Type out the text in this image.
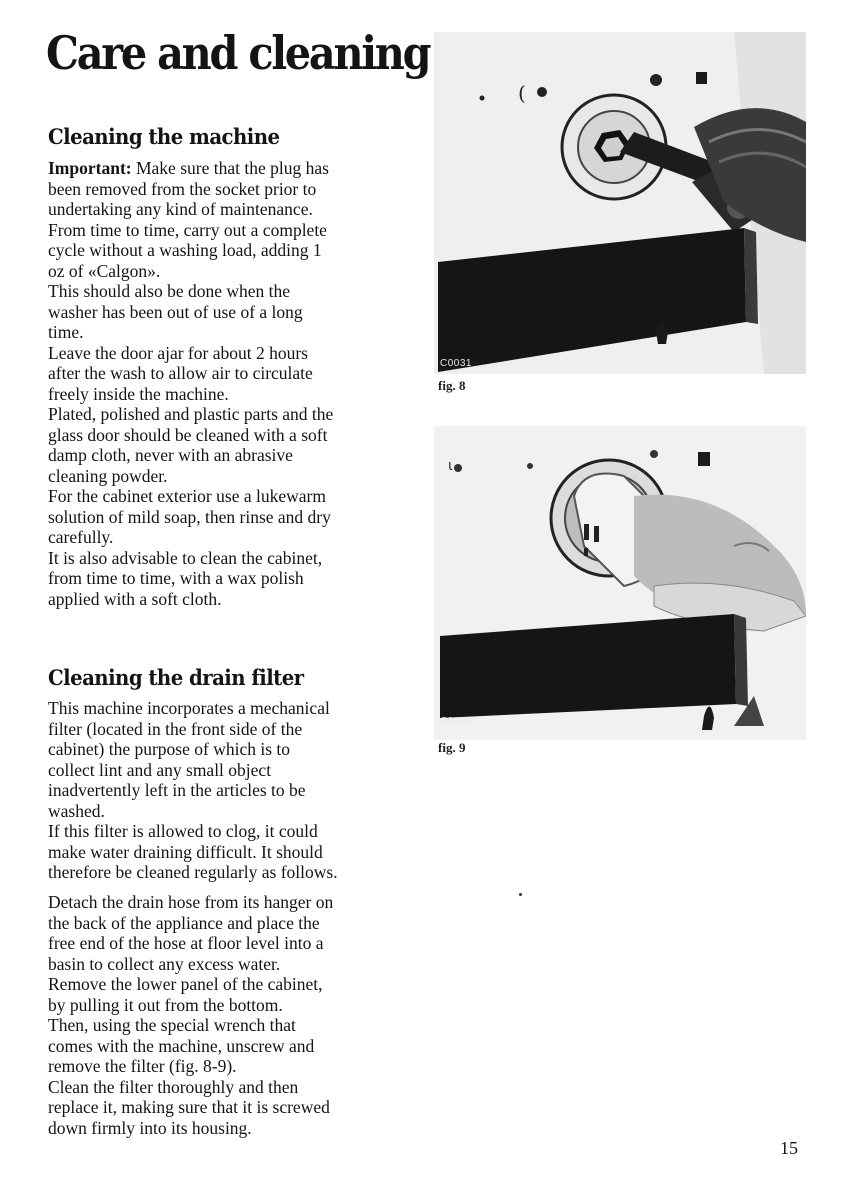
Care and cleaning
Cleaning the machine
Important: Make sure that the plug has
been removed from the socket prior to
undertaking any kind of maintenance.
From time to time, carry out a complete
cycle without a washing load, adding 1
oz of «Calgon».
This should also be done when the
washer has been out of use of a long
time.
Leave the door ajar for about 2 hours
after the wash to allow air to circulate
freely inside the machine.
Plated, polished and plastic parts and the
glass door should be cleaned with a soft
damp cloth, never with an abrasive
cleaning powder.
For the cabinet exterior use a lukewarm
solution of mild soap, then rinse and dry
carefully.
It is also advisable to clean the cabinet,
from time to time, with a wax polish
applied with a soft cloth.
Cleaning the drain filter
This machine incorporates a mechanical
filter (located in the front side of the
cabinet) the purpose of which is to
collect lint and any small object
inadvertently left in the articles to be
washed.
If this filter is allowed to clog, it could
make water draining difficult. It should
therefore be cleaned regularly as follows.
Detach the drain hose from its hanger on
the back of the appliance and place the
free end of the hose at floor level into a
basin to collect any excess water.
Remove the lower panel of the cabinet,
by pulling it out from the bottom.
Then, using the special wrench that
comes with the machine, unscrew and
remove the filter (fig. 8-9).
Clean the filter thoroughly and then
replace it, making sure that it is screwed
down firmly into its housing.
(
C0031
fig. 8
ɩ
C0032
fig. 9
15
